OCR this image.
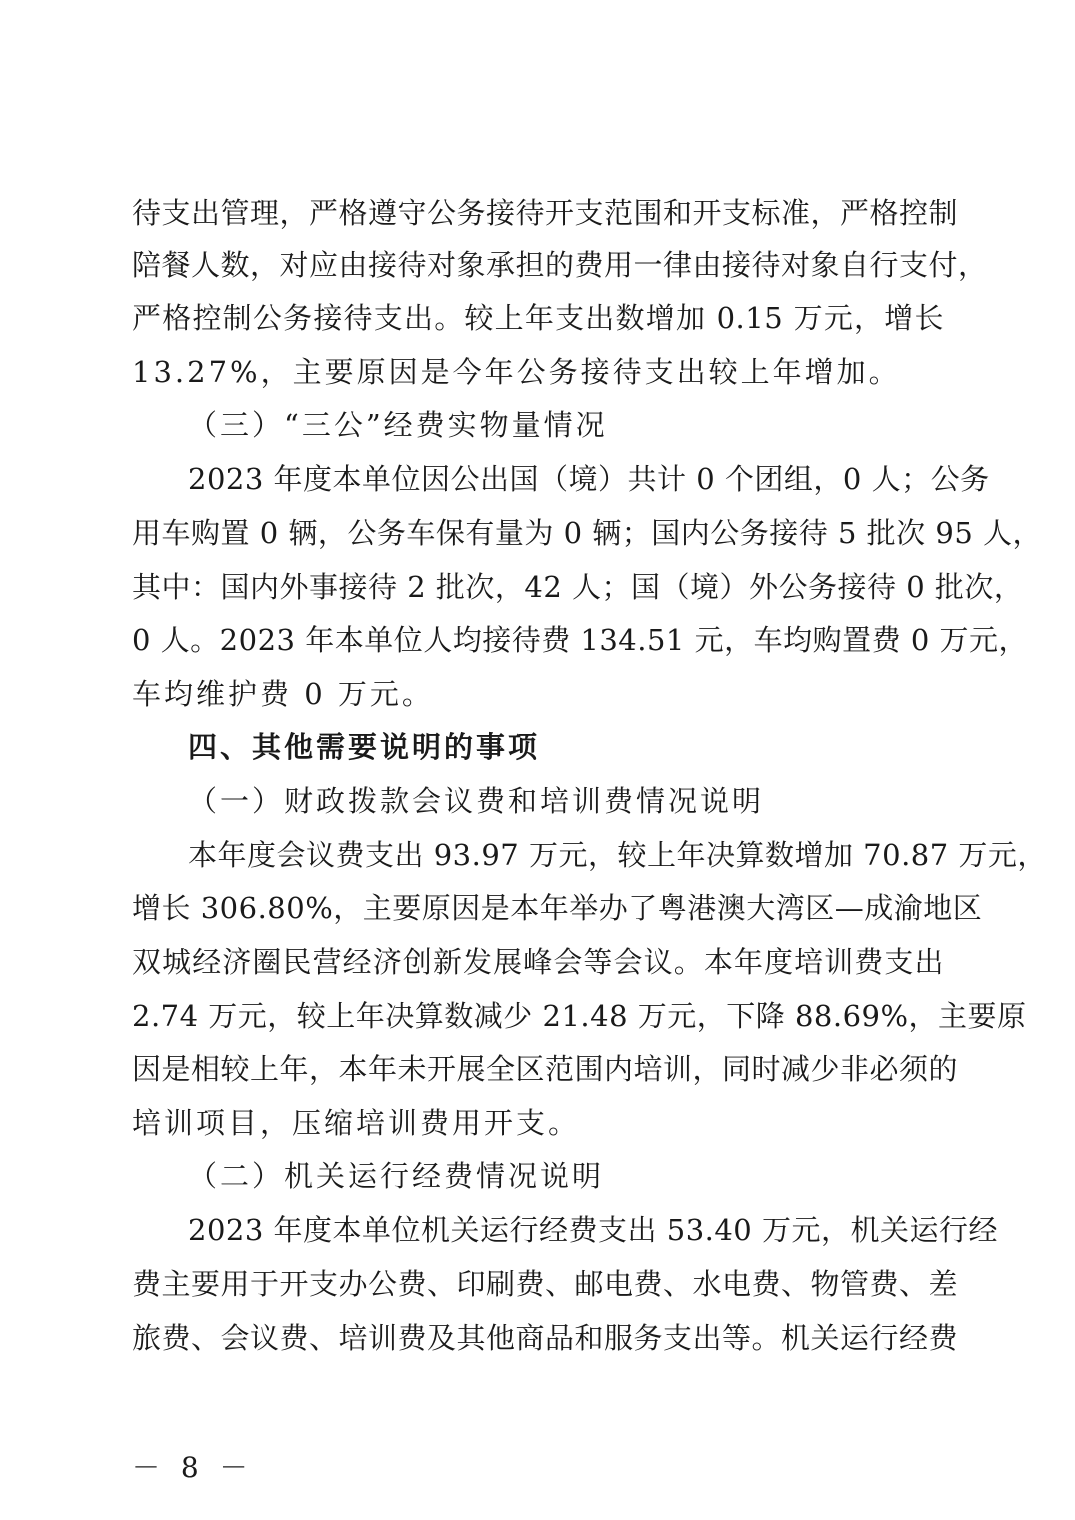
待支出管理，严格遵守公务接待开支范围和开支标准，严格控制
陪餐人数，对应由接待对象承担的费用一律由接待对象自行支付，
严格控制公务接待支出。较上年支出数增加 0.15 万元，增长
13.27%，主要原因是今年公务接待支出较上年增加。
（三）“三公”经费实物量情况
2023 年度本单位因公出国（境）共计 0 个团组，0 人；公务
用车购置 0 辆，公务车保有量为 0 辆；国内公务接待 5 批次 95 人，
其中：国内外事接待 2 批次，42 人；国（境）外公务接待 0 批次，
0 人。2023 年本单位人均接待费 134.51 元，车均购置费 0 万元，
车均维护费 0 万元。
四、其他需要说明的事项
（一）财政拨款会议费和培训费情况说明
本年度会议费支出 93.97 万元，较上年决算数增加 70.87 万元，
增长 306.80%，主要原因是本年举办了粤港澳大湾区—成渝地区
双城经济圈民营经济创新发展峰会等会议。本年度培训费支出
2.74 万元，较上年决算数减少 21.48 万元，下降 88.69%，主要原
因是相较上年，本年未开展全区范围内培训，同时减少非必须的
培训项目，压缩培训费用开支。
（二）机关运行经费情况说明
2023 年度本单位机关运行经费支出 53.40 万元，机关运行经
费主要用于开支办公费、印刷费、邮电费、水电费、物管费、差
旅费、会议费、培训费及其他商品和服务支出等。机关运行经费
－ 8 －
